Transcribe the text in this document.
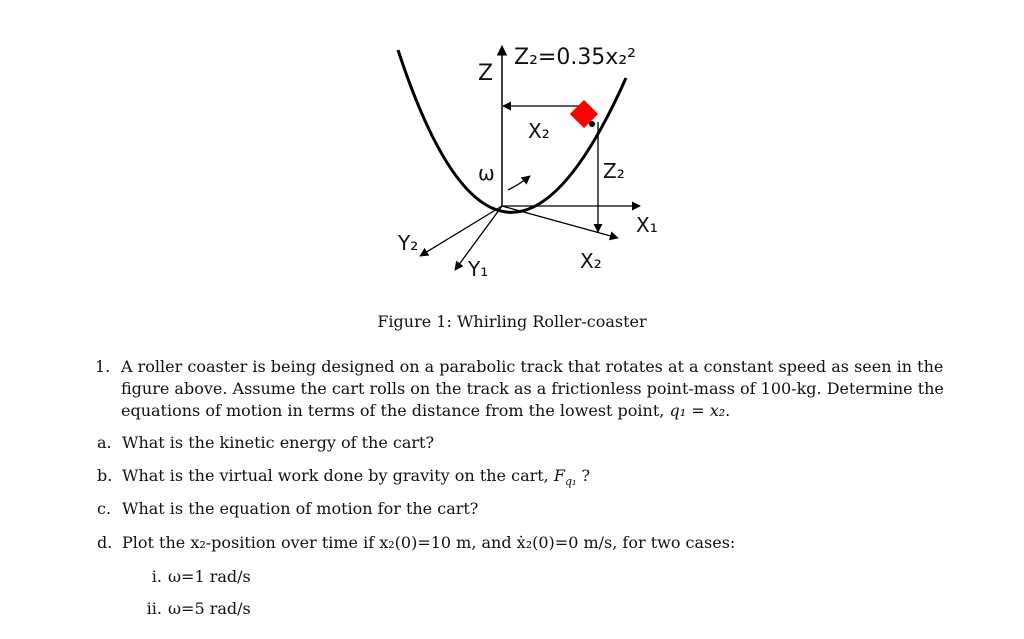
Z
Z₂=0.35x₂²
X₂
ω	Z₂
X₁
Y₂
X₂
Y₁
Figure 1: Whirling Roller-coaster
1. A roller coaster is being designed on a parabolic track that rotates at a constant speed as seen in the figure above. Assume the cart rolls on the track as a frictionless point-mass of 100-kg. Determine the equations of motion in terms of the distance from the lowest point, q₁ = x₂.
a. What is the kinetic energy of the cart?
b. What is the virtual work done by gravity on the cart, $F_{q_1}$ ?
c. What is the equation of motion for the cart?
d. Plot the x₂-position over time if x₂(0)=10 m, and ẋ₂(0)=0 m/s, for two cases:
i. ω=1 rad/s
ii. ω=5 rad/s
